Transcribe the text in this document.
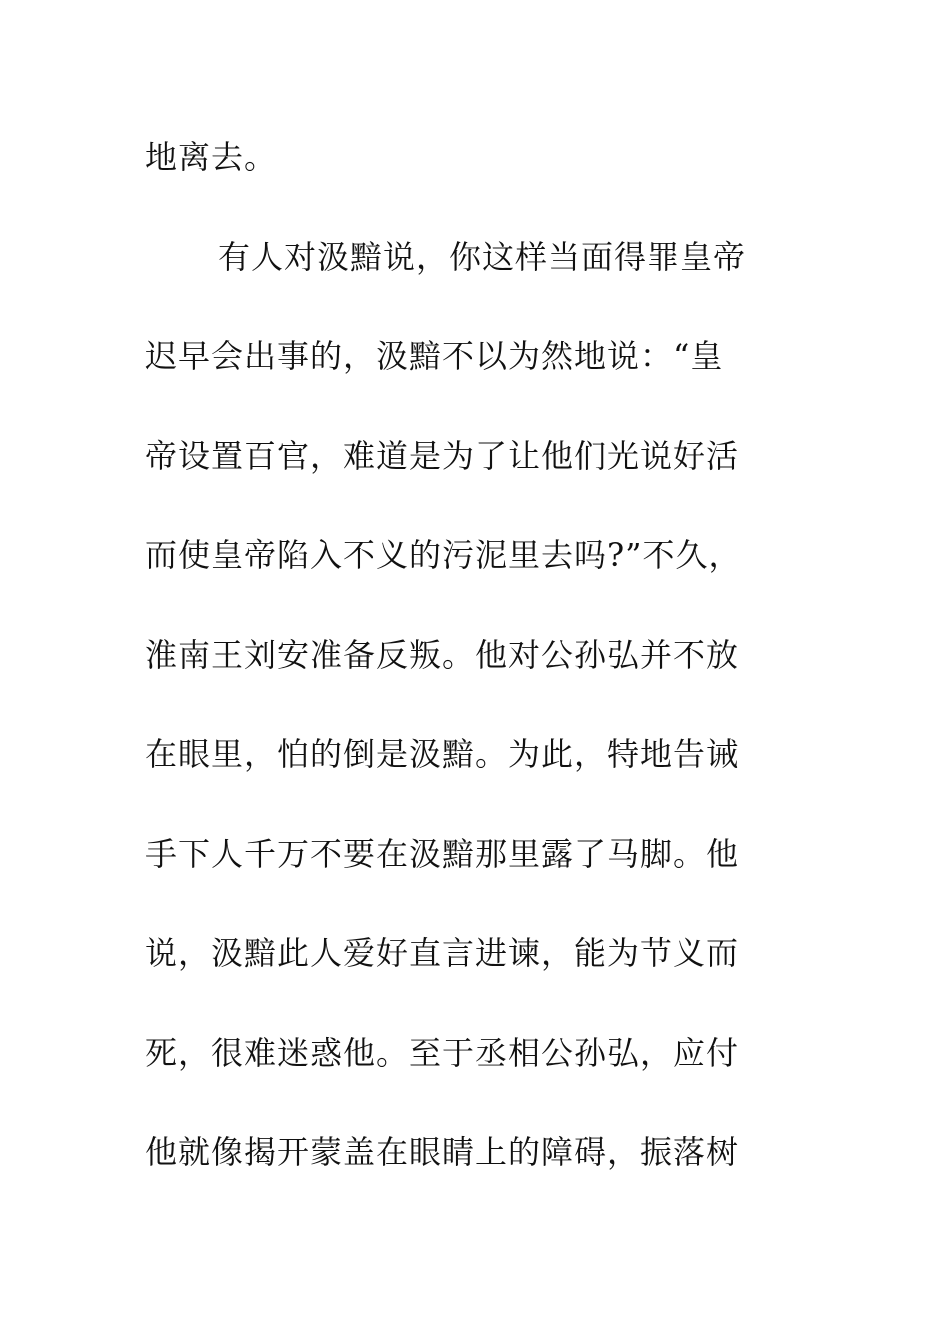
地离去。
有人对汲黯说，你这样当面得罪皇帝
迟早会出事的，汲黯不以为然地说：“皇
帝设置百官，难道是为了让他们光说好活
而使皇帝陷入不义的污泥里去吗?”不久，
淮南王刘安准备反叛。他对公孙弘并不放
在眼里，怕的倒是汲黯。为此，特地告诫
手下人千万不要在汲黯那里露了马脚。他
说，汲黯此人爱好直言进谏，能为节义而
死，很难迷惑他。至于丞相公孙弘，应付
他就像揭开蒙盖在眼睛上的障碍，振落树
